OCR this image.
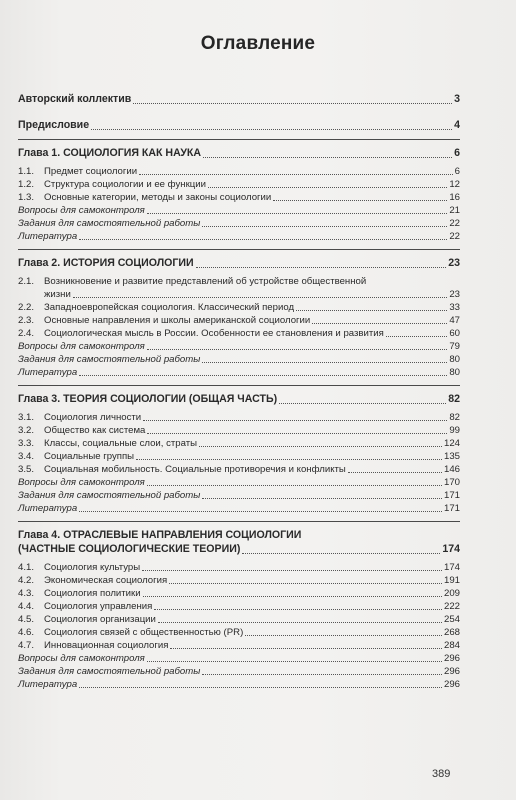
Оглавление
Авторский коллектив	3
Предисловие	4
Глава 1. СОЦИОЛОГИЯ КАК НАУКА	6
1.1.	Предмет социологии	6
1.2.	Структура социологии и ее функции	12
1.3.	Основные категории, методы и законы социологии	16
Вопросы для самоконтроля	21
Задания для самостоятельной работы	22
Литература	22
Глава 2. ИСТОРИЯ СОЦИОЛОГИИ	23
2.1.	Возникновение и развитие представлений об устройстве общественной
жизни	23
2.2.	Западноевропейская социология. Классический период	33
2.3.	Основные направления и школы американской социологии	47
2.4.	Социологическая мысль в России. Особенности ее становления и развития	60
Вопросы для самоконтроля	79
Задания для самостоятельной работы	80
Литература	80
Глава 3. ТЕОРИЯ СОЦИОЛОГИИ (ОБЩАЯ ЧАСТЬ)	82
3.1.	Социология личности	82
3.2.	Общество как система	99
3.3.	Классы, социальные слои, страты	124
3.4.	Социальные группы	135
3.5.	Социальная мобильность. Социальные противоречия и конфликты	146
Вопросы для самоконтроля	170
Задания для самостоятельной работы	171
Литература	171
Глава 4. ОТРАСЛЕВЫЕ НАПРАВЛЕНИЯ СОЦИОЛОГИИ
(ЧАСТНЫЕ СОЦИОЛОГИЧЕСКИЕ ТЕОРИИ)	174
4.1.	Социология культуры	174
4.2.	Экономическая социология	191
4.3.	Социология политики	209
4.4.	Социология управления	222
4.5.	Социология организации	254
4.6.	Социология связей с общественностью (PR)	268
4.7.	Инновационная социология	284
Вопросы для самоконтроля	296
Задания для самостоятельной работы	296
Литература	296
389
